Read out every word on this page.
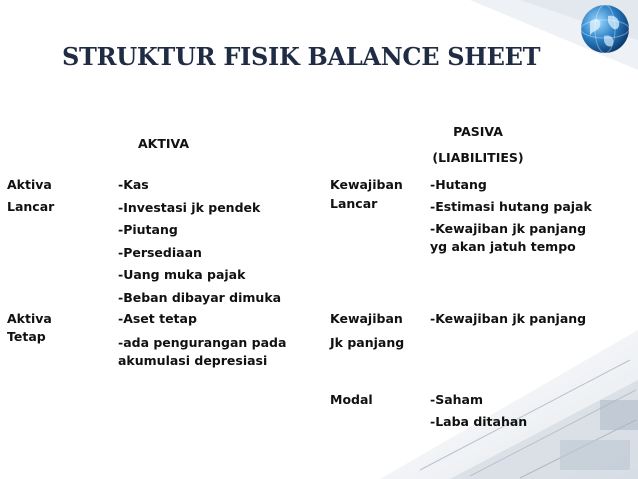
STRUKTUR FISIK BALANCE SHEET
AKTIVA
PASIVA
(LIABILITIES)
Aktiva
Lancar
-Kas
-Investasi jk pendek
-Piutang
-Persediaan
-Uang muka pajak
-Beban dibayar dimuka
Kewajiban
Lancar
-Hutang
-Estimasi hutang pajak
-Kewajiban jk panjang
yg akan jatuh tempo
Aktiva
Tetap
-Aset tetap
-ada pengurangan pada
akumulasi depresiasi
Kewajiban
Jk panjang
-Kewajiban jk panjang
Modal	-Saham
-Laba ditahan
